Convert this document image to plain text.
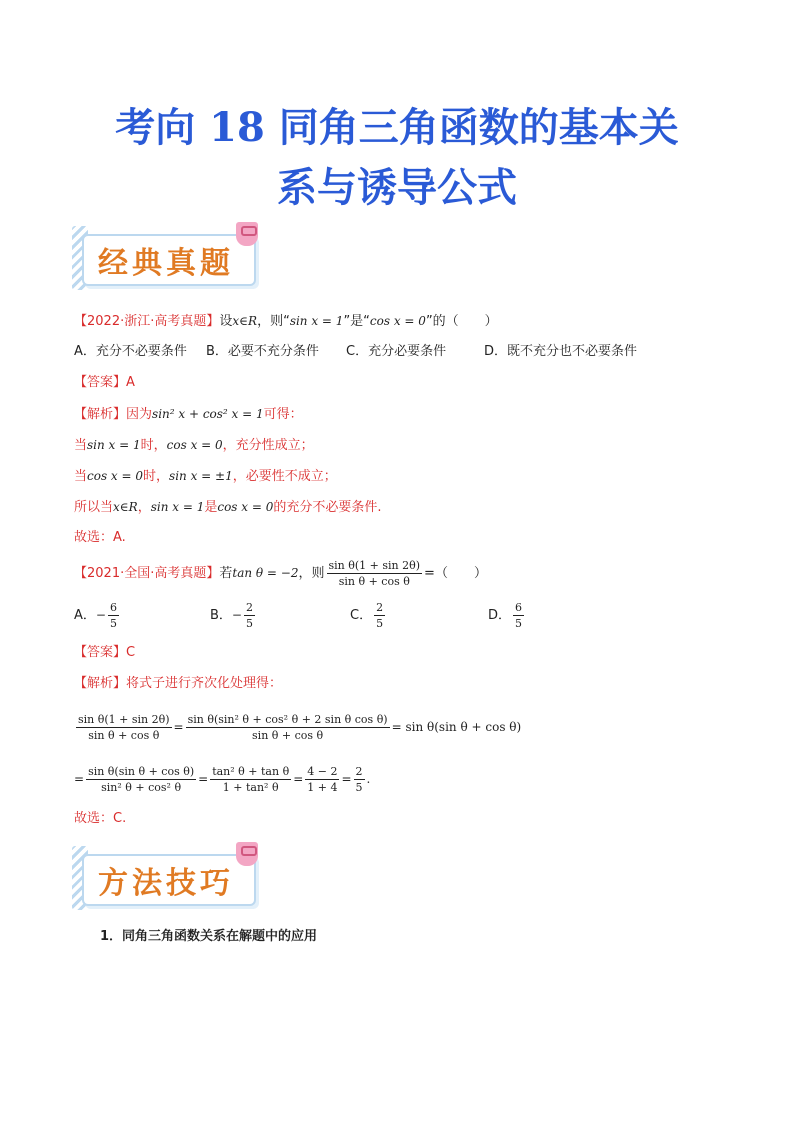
考向 18 同角三角函数的基本关
系与诱导公式
经典真题
【2022·浙江·高考真题】设x∈R，则“sin x = 1”是“cos x = 0”的（　　）
A．充分不必要条件 B．必要不充分条件 C．充分必要条件	D．既不充分也不必要条件
【答案】A
【解析】因为sin² x + cos² x = 1可得：
当sin x = 1时，cos x = 0，充分性成立；
当cos x = 0时，sin x = ±1，必要性不成立；
所以当x∈R，sin x = 1是cos x = 0的充分不必要条件.
故选：A.
【2021·全国·高考真题】若tan θ = −2，则 $\frac{\text{sin θ(1 + sin 2θ)}}{\text{sin θ + cos θ}}$ =（　　）
A．− $\frac{6}{5}$	B．− $\frac{2}{5}$	C． $\frac{2}{5}$	D． $\frac{6}{5}$
【答案】C
【解析】将式子进行齐次化处理得：
$\frac{\text{sin θ(1 + sin 2θ)}}{\text{sin θ + cos θ}} = \frac{\text{sin θ(sin² θ + cos² θ + 2 sin θ cos θ)}}{\text{sin θ + cos θ}} = \sin \theta(\sin$ θ + cos θ)
= $\frac{\text{sin θ(sin θ + cos θ)}}{\text{sin² θ + cos² θ}} = \frac{\text{tan² θ + tan θ}}{\text{1 + tan² θ}} = \frac{4 - 2}{1 + 4} = \frac{2}{5}$ .
故选：C.
方法技巧
1．同角三角函数关系在解题中的应用
